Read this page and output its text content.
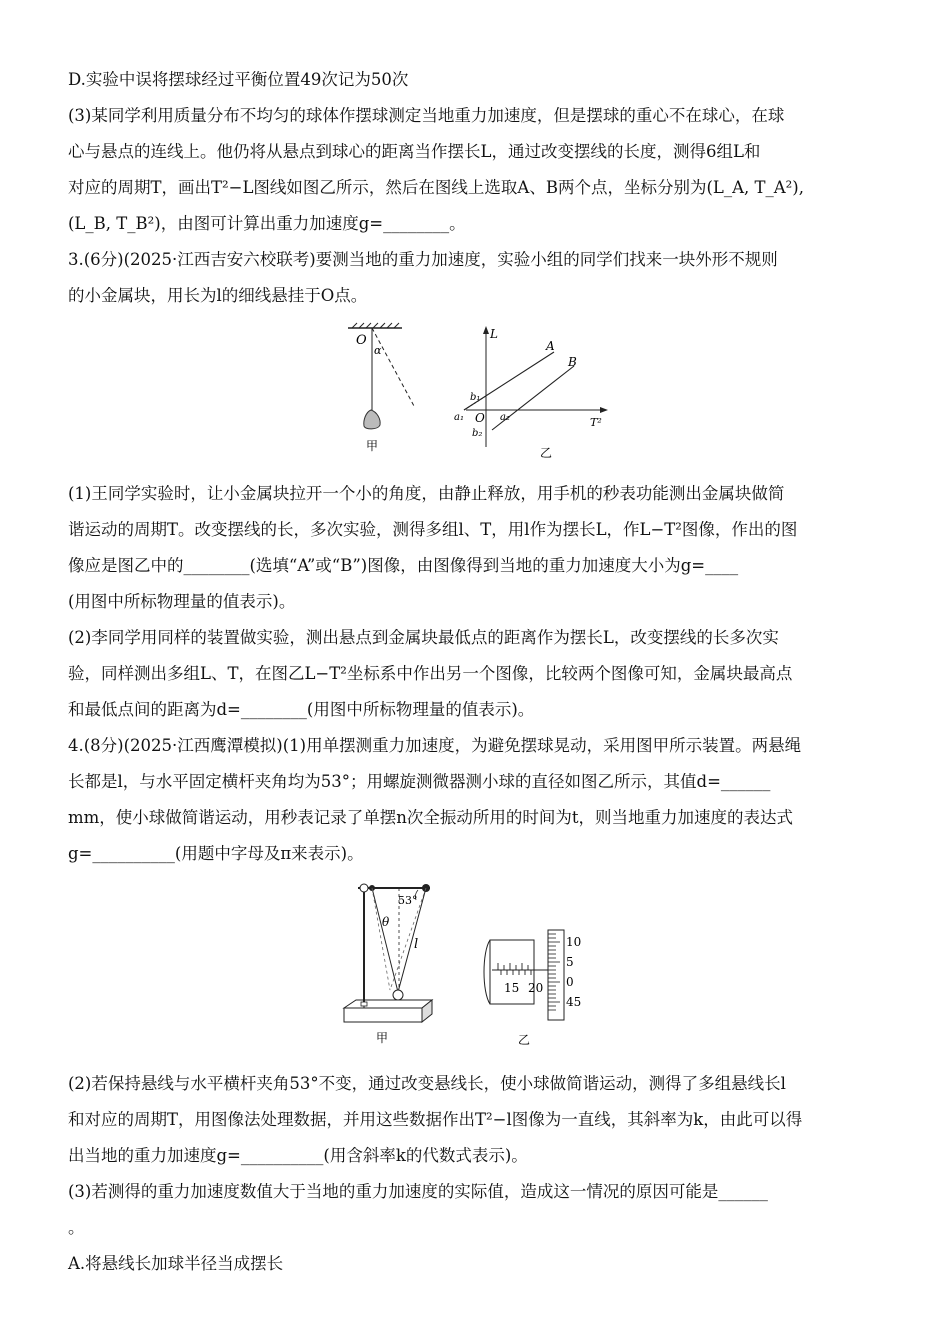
D.实验中误将摆球经过平衡位置49次记为50次

(3)某同学利用质量分布不均匀的球体作摆球测定当地重力加速度，但是摆球的重心不在球心，在球

心与悬点的连线上。他仍将从悬点到球心的距离当作摆长L，通过改变摆线的长度，测得6组L和

对应的周期T，画出T²−L图线如图乙所示，然后在图线上选取A、B两个点，坐标分别为(L_A, T_A²),

(L_B, T_B²)，由图可计算出重力加速度g=________。

3.(6分)(2025·江西吉安六校联考)要测当地的重力加速度，实验小组的同学们找来一块外形不规则

的小金属块，用长为l的细线悬挂于O点。

O
α
甲
L
T²
A
B
b₁
b₂
a₁	a₂
O
乙

(1)王同学实验时，让小金属块拉开一个小的角度，由静止释放，用手机的秒表功能测出金属块做简

谐运动的周期T。改变摆线的长，多次实验，测得多组l、T，用l作为摆长L，作L−T²图像，作出的图

像应是图乙中的________(选填“A”或“B”)图像，由图像得到当地的重力加速度大小为g=____

(用图中所标物理量的值表示)。

(2)李同学用同样的装置做实验，测出悬点到金属块最低点的距离作为摆长L，改变摆线的长多次实

验，同样测出多组L、T，在图乙L−T²坐标系中作出另一个图像，比较两个图像可知，金属块最高点

和最低点间的距离为d=________(用图中所标物理量的值表示)。

4.(8分)(2025·江西鹰潭模拟)(1)用单摆测重力加速度，为避免摆球晃动，采用图甲所示装置。两悬绳

长都是l，与水平固定横杆夹角均为53°；用螺旋测微器测小球的直径如图乙所示，其值d=______

mm，使小球做简谐运动，用秒表记录了单摆n次全振动所用的时间为t，则当地重力加速度的表达式

g=__________(用题中字母及π来表示)。

53°
θ
l
甲
10
5
0
45
15 20
乙

(2)若保持悬线与水平横杆夹角53°不变，通过改变悬线长，使小球做简谐运动，测得了多组悬线长l

和对应的周期T，用图像法处理数据，并用这些数据作出T²−l图像为一直线，其斜率为k，由此可以得

出当地的重力加速度g=__________(用含斜率k的代数式表示)。

(3)若测得的重力加速度数值大于当地的重力加速度的实际值，造成这一情况的原因可能是______

。

A.将悬线长加球半径当成摆长
